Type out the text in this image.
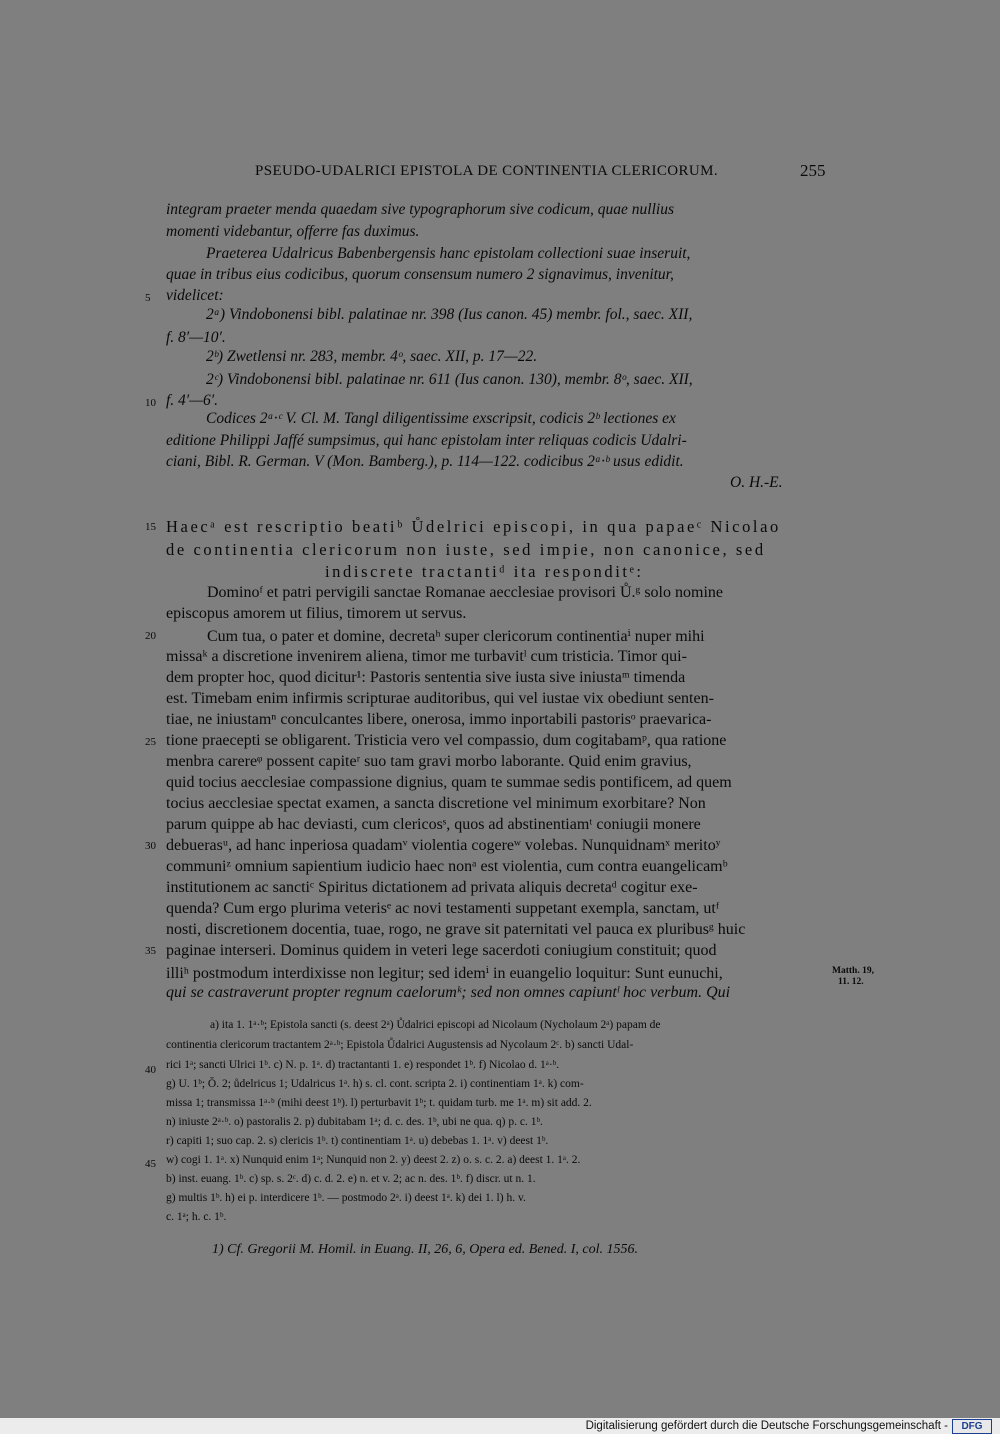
PSEUDO-UDALRICI EPISTOLA DE CONTINENTIA CLERICORUM.	255
integram praeter menda quaedam sive typographorum sive codicum, quae nullius
momenti videbantur, offerre fas duximus.
Praeterea Udalricus Babenbergensis hanc epistolam collectioni suae inseruit,
quae in tribus eius codicibus, quorum consensum numero 2 signavimus, invenitur,
videlicet:
2ᵃ) Vindobonensi bibl. palatinae nr. 398 (Ius canon. 45) membr. fol., saec. XII,
f. 8′—10′.
2ᵇ) Zwetlensi nr. 283, membr. 4ᵒ, saec. XII, p. 17—22.
2ᶜ) Vindobonensi bibl. palatinae nr. 611 (Ius canon. 130), membr. 8ᵒ, saec. XII,
f. 4′—6′.
Codices 2ᵃ·ᶜ V. Cl. M. Tangl diligentissime exscripsit, codicis 2ᵇ lectiones ex
editione Philippi Jaffé sumpsimus, qui hanc epistolam inter reliquas codicis Udalri-
ciani, Bibl. R. German. V (Mon. Bamberg.), p. 114—122. codicibus 2ᵃ·ᵇ usus edidit.
O. H.-E.
5
10
15
20
25
30
35
40
45
Haecᵃ est rescriptio beatiᵇ Ůdelrici episcopi, in qua papaeᶜ Nicolao
de continentia clericorum non iuste, sed impie, non canonice, sed
indiscrete tractantiᵈ ita responditᵉ:
Dominoᶠ et patri pervigili sanctae Romanae aecclesiae provisori Ů.ᵍ solo nomine
episcopus amorem ut filius, timorem ut servus.
Cum tua, o pater et domine, decretaʰ super clericorum continentiaⁱ nuper mihi
missaᵏ a discretione invenirem aliena, timor me turbavitˡ cum tristicia. Timor qui-
dem propter hoc, quod dicitur¹: Pastoris sententia sive iusta sive iniustaᵐ timenda
est. Timebam enim infirmis scripturae auditoribus, qui vel iustae vix obediunt senten-
tiae, ne iniustamⁿ conculcantes libere, onerosa, immo inportabili pastorisᵒ praevarica-
tione praecepti se obligarent. Tristicia vero vel compassio, dum cogitabamᵖ, qua ratione
menbra carereᵠ possent capiteʳ suo tam gravi morbo laborante. Quid enim gravius,
quid tocius aecclesiae compassione dignius, quam te summae sedis pontificem, ad quem
tocius aecclesiae spectat examen, a sancta discretione vel minimum exorbitare? Non
parum quippe ab hac deviasti, cum clericosˢ, quos ad abstinentiamᵗ coniugii monere
debuerasᵘ, ad hanc inperiosa quadamᵛ violentia cogereʷ volebas. Nunquidnamˣ meritoʸ
communiᶻ omnium sapientium iudicio haec nonᵃ est violentia, cum contra euangelicamᵇ
institutionem ac sanctiᶜ Spiritus dictationem ad privata aliquis decretaᵈ cogitur exe-
quenda? Cum ergo plurima veterisᵉ ac novi testamenti suppetant exempla, sanctam, utᶠ
nosti, discretionem docentia, tuae, rogo, ne grave sit paternitati vel pauca ex pluribusᵍ huic
paginae interseri. Dominus quidem in veteri lege sacerdoti coniugium constituit; quod
illiʰ postmodum interdixisse non legitur; sed idemⁱ in euangelio loquitur: Sunt eunuchi,
qui se castraverunt propter regnum caelorumᵏ; sed non omnes capiuntˡ hoc verbum. Qui
Matth. 19,
11. 12.
a) ita 1. 1ᵃ·ᵇ; Epistola sancti (s. deest 2ᵃ) Ůdalrici episcopi ad Nicolaum (Nycholaum 2ᵃ) papam de
continentia clericorum tractantem 2ᵃ·ᵇ; Epistola Ůdalrici Augustensis ad Nycolaum 2ᶜ. b) sancti Udal-
rici 1ᵃ; sancti Ulrici 1ᵇ. c) N. p. 1ᵃ. d) tractantanti 1. e) respondet 1ᵇ. f) Nicolao d. 1ᵃ·ᵇ.
g) U. 1ᵇ; Ŏ. 2; ůdelricus 1; Udalricus 1ᵃ. h) s. cl. cont. scripta 2. i) continentiam 1ᵃ. k) com-
missa 1; transmissa 1ᵃ·ᵇ (mihi deest 1ᵇ). l) perturbavit 1ᵇ; t. quidam turb. me 1ᵃ. m) sit add. 2.
n) iniuste 2ᵃ·ᵇ. o) pastoralis 2. p) dubitabam 1ᵃ; d. c. des. 1ᵇ, ubi ne qua. q) p. c. 1ᵇ.
r) capiti 1; suo cap. 2. s) clericis 1ᵇ. t) continentiam 1ᵃ. u) debebas 1. 1ᵃ. v) deest 1ᵇ.
w) cogi 1. 1ᵃ. x) Nunquid enim 1ᵃ; Nunquid non 2. y) deest 2. z) o. s. c. 2. a) deest 1. 1ᵃ. 2.
b) inst. euang. 1ᵇ. c) sp. s. 2ᶜ. d) c. d. 2. e) n. et v. 2; ac n. des. 1ᵇ. f) discr. ut n. 1.
g) multis 1ᵇ. h) ei p. interdicere 1ᵇ. — postmodo 2ᵃ. i) deest 1ᵃ. k) dei 1. l) h. v.
c. 1ᵃ; h. c. 1ᵇ.
1) Cf. Gregorii M. Homil. in Euang. II, 26, 6, Opera ed. Bened. I, col. 1556.
Digitalisierung gefördert durch die Deutsche Forschungsgemeinschaft -	DFG
